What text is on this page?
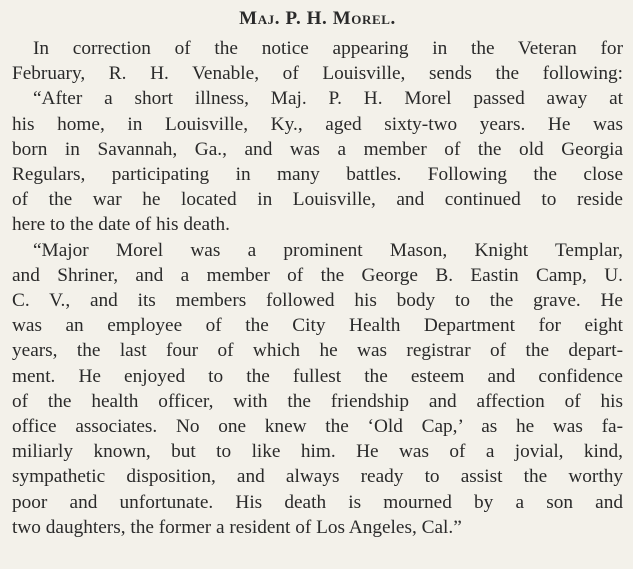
Maj. P. H. Morel.
In correction of the notice appearing in the Veteran for
February, R. H. Venable, of Louisville, sends the following:
“After a short illness, Maj. P. H. Morel passed away at
his home, in Louisville, Ky., aged sixty-two years. He was
born in Savannah, Ga., and was a member of the old Georgia
Regulars, participating in many battles. Following the close
of the war he located in Louisville, and continued to reside
here to the date of his death.
“Major Morel was a prominent Mason, Knight Templar,
and Shriner, and a member of the George B. Eastin Camp, U.
C. V., and its members followed his body to the grave. He
was an employee of the City Health Department for eight
years, the last four of which he was registrar of the depart-
ment. He enjoyed to the fullest the esteem and confidence
of the health officer, with the friendship and affection of his
office associates. No one knew the ‘Old Cap,’ as he was fa-
miliarly known, but to like him. He was of a jovial, kind,
sympathetic disposition, and always ready to assist the worthy
poor and unfortunate. His death is mourned by a son and
two daughters, the former a resident of Los Angeles, Cal.”
